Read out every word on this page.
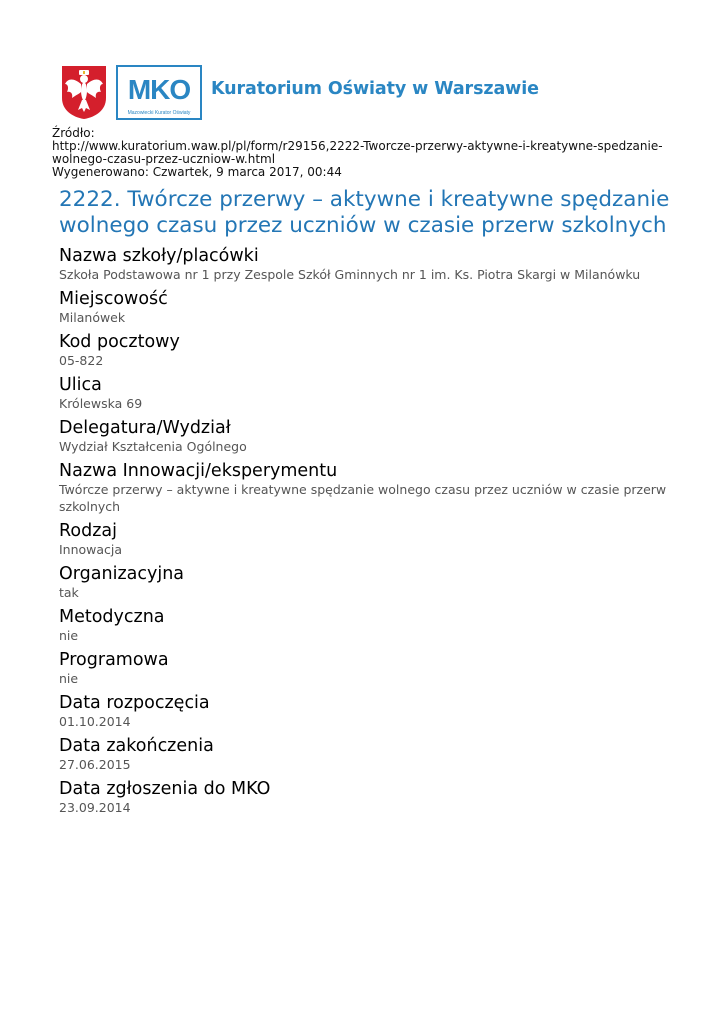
MKO
Mazowiecki Kurator Oświaty
Kuratorium Oświaty w Warszawie
Źródło:
http://www.kuratorium.waw.pl/pl/form/r29156,2222-Tworcze-przerwy-aktywne-i-kreatywne-spedzanie-wolnego-czasu-przez-uczniow-w.html
Wygenerowano: Czwartek, 9 marca 2017, 00:44
2222. Twórcze przerwy – aktywne i kreatywne spędzanie wolnego czasu przez uczniów w czasie przerw szkolnych
Nazwa szkoły/placówki
Szkoła Podstawowa nr 1 przy Zespole Szkół Gminnych nr 1 im. Ks. Piotra Skargi w Milanówku
Miejscowość
Milanówek
Kod pocztowy
05-822
Ulica
Królewska 69
Delegatura/Wydział
Wydział Kształcenia Ogólnego
Nazwa Innowacji/eksperymentu
Twórcze przerwy – aktywne i kreatywne spędzanie wolnego czasu przez uczniów w czasie przerw szkolnych
Rodzaj
Innowacja
Organizacyjna
tak
Metodyczna
nie
Programowa
nie
Data rozpoczęcia
01.10.2014
Data zakończenia
27.06.2015
Data zgłoszenia do MKO
23.09.2014
